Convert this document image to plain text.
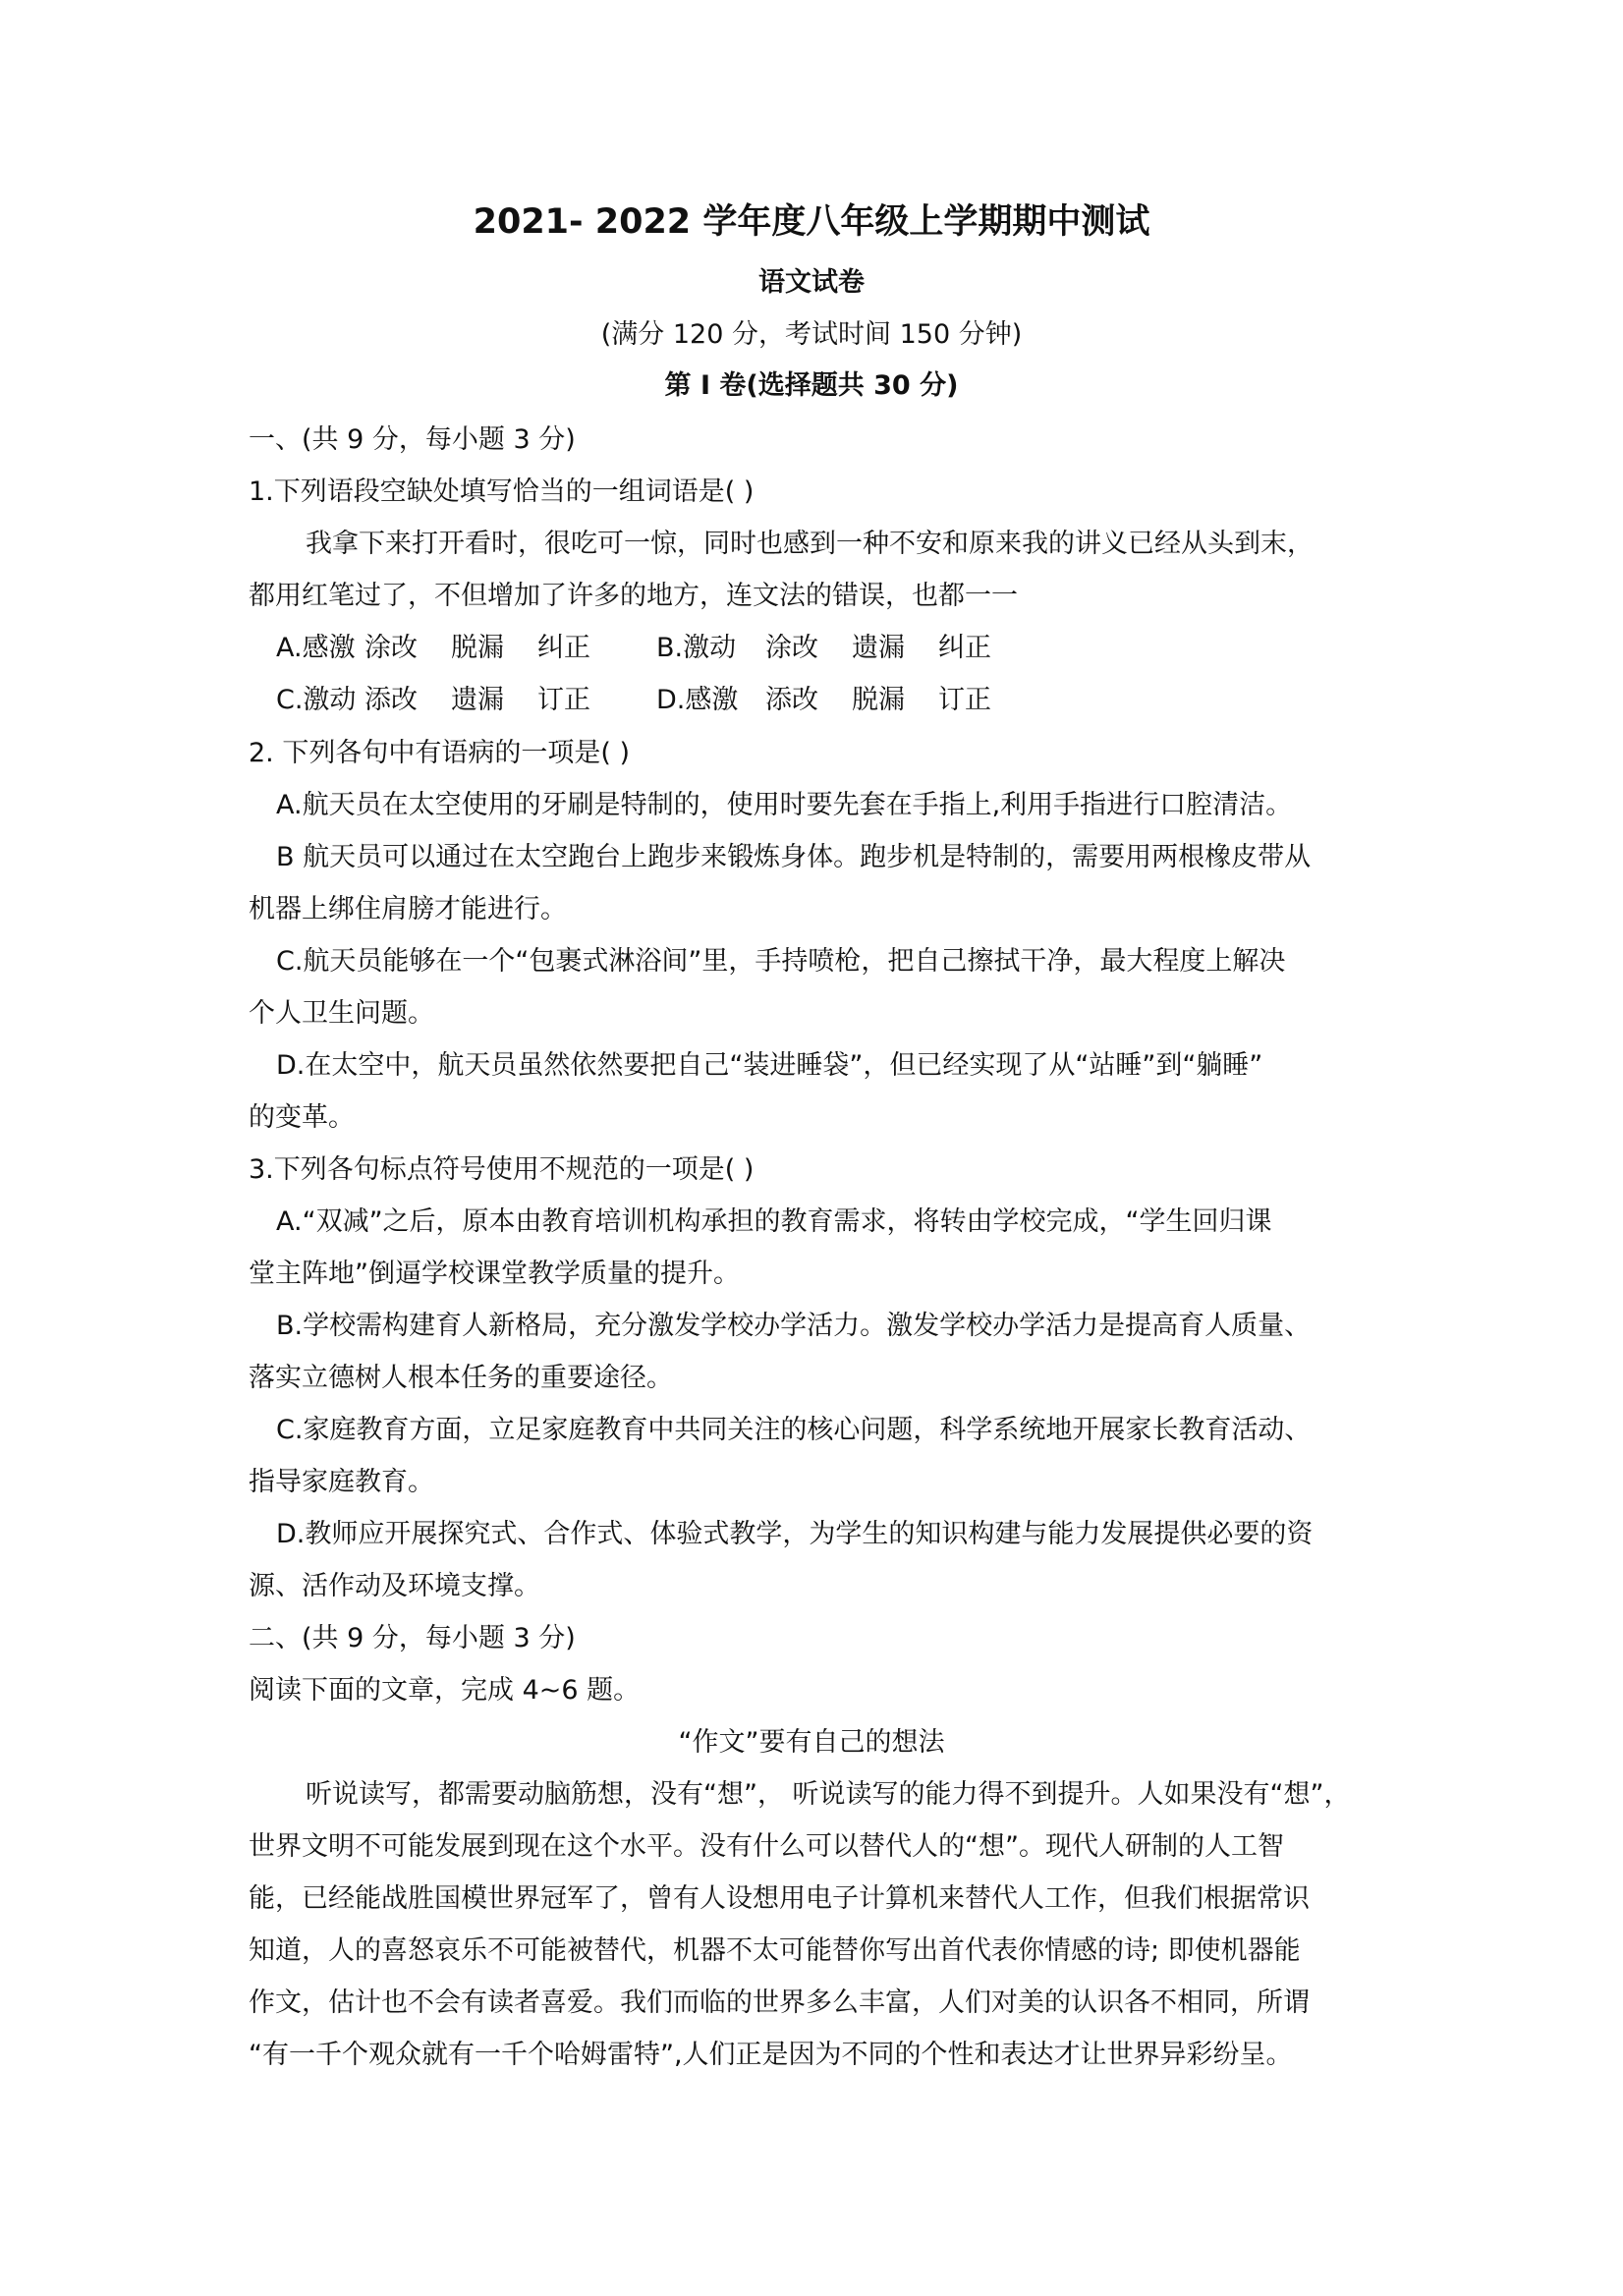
2021- 2022 学年度八年级上学期期中测试
语文试卷
(满分 120 分，考试时间 150 分钟)
第 I 卷(选择题共 30 分)
一、(共 9 分，每小题 3 分)
1.下列语段空缺处填写恰当的一组词语是( )
我拿下来打开看时，很吃可一惊，同时也感到一种不安和原来我的讲义已经从头到末，
都用红笔过了，不但增加了许多的地方，连文法的错误，也都一一
A.感激 涂改 脱漏 纠正 B.激动 涂改 遗漏 纠正
C.激动 添改 遗漏 订正 D.感激 添改 脱漏 订正
2. 下列各句中有语病的一项是( )
A.航天员在太空使用的牙刷是特制的，使用时要先套在手指上,利用手指进行口腔清洁。
B 航天员可以通过在太空跑台上跑步来锻炼身体。跑步机是特制的，需要用两根橡皮带从
机器上绑住肩膀才能进行。
C.航天员能够在一个“包裹式淋浴间”里，手持喷枪，把自己擦拭干净，最大程度上解决
个人卫生问题。
D.在太空中，航天员虽然依然要把自己“装进睡袋”，但已经实现了从“站睡”到“躺睡”
的变革。
3.下列各句标点符号使用不规范的一项是( )
A.“双减”之后，原本由教育培训机构承担的教育需求，将转由学校完成，“学生回归课
堂主阵地”倒逼学校课堂教学质量的提升。
B.学校需构建育人新格局，充分激发学校办学活力。激发学校办学活力是提高育人质量、
落实立德树人根本任务的重要途径。
C.家庭教育方面，立足家庭教育中共同关注的核心问题，科学系统地开展家长教育活动、
指导家庭教育。
D.教师应开展探究式、合作式、体验式教学，为学生的知识构建与能力发展提供必要的资
源、活作动及环境支撑。
二、(共 9 分，每小题 3 分)
阅读下面的文章，完成 4~6 题。
“作文”要有自己的想法
听说读写，都需要动脑筋想，没有“想”， 听说读写的能力得不到提升。人如果没有“想”，
世界文明不可能发展到现在这个水平。没有什么可以替代人的“想”。现代人研制的人工智
能，已经能战胜国模世界冠军了，曾有人设想用电子计算机来替代人工作，但我们根据常识
知道，人的喜怒哀乐不可能被替代，机器不太可能替你写出首代表你情感的诗; 即使机器能
作文，估计也不会有读者喜爱。我们而临的世界多么丰富，人们对美的认识各不相同，所谓
“有一千个观众就有一千个哈姆雷特”,人们正是因为不同的个性和表达才让世界异彩纷呈。
